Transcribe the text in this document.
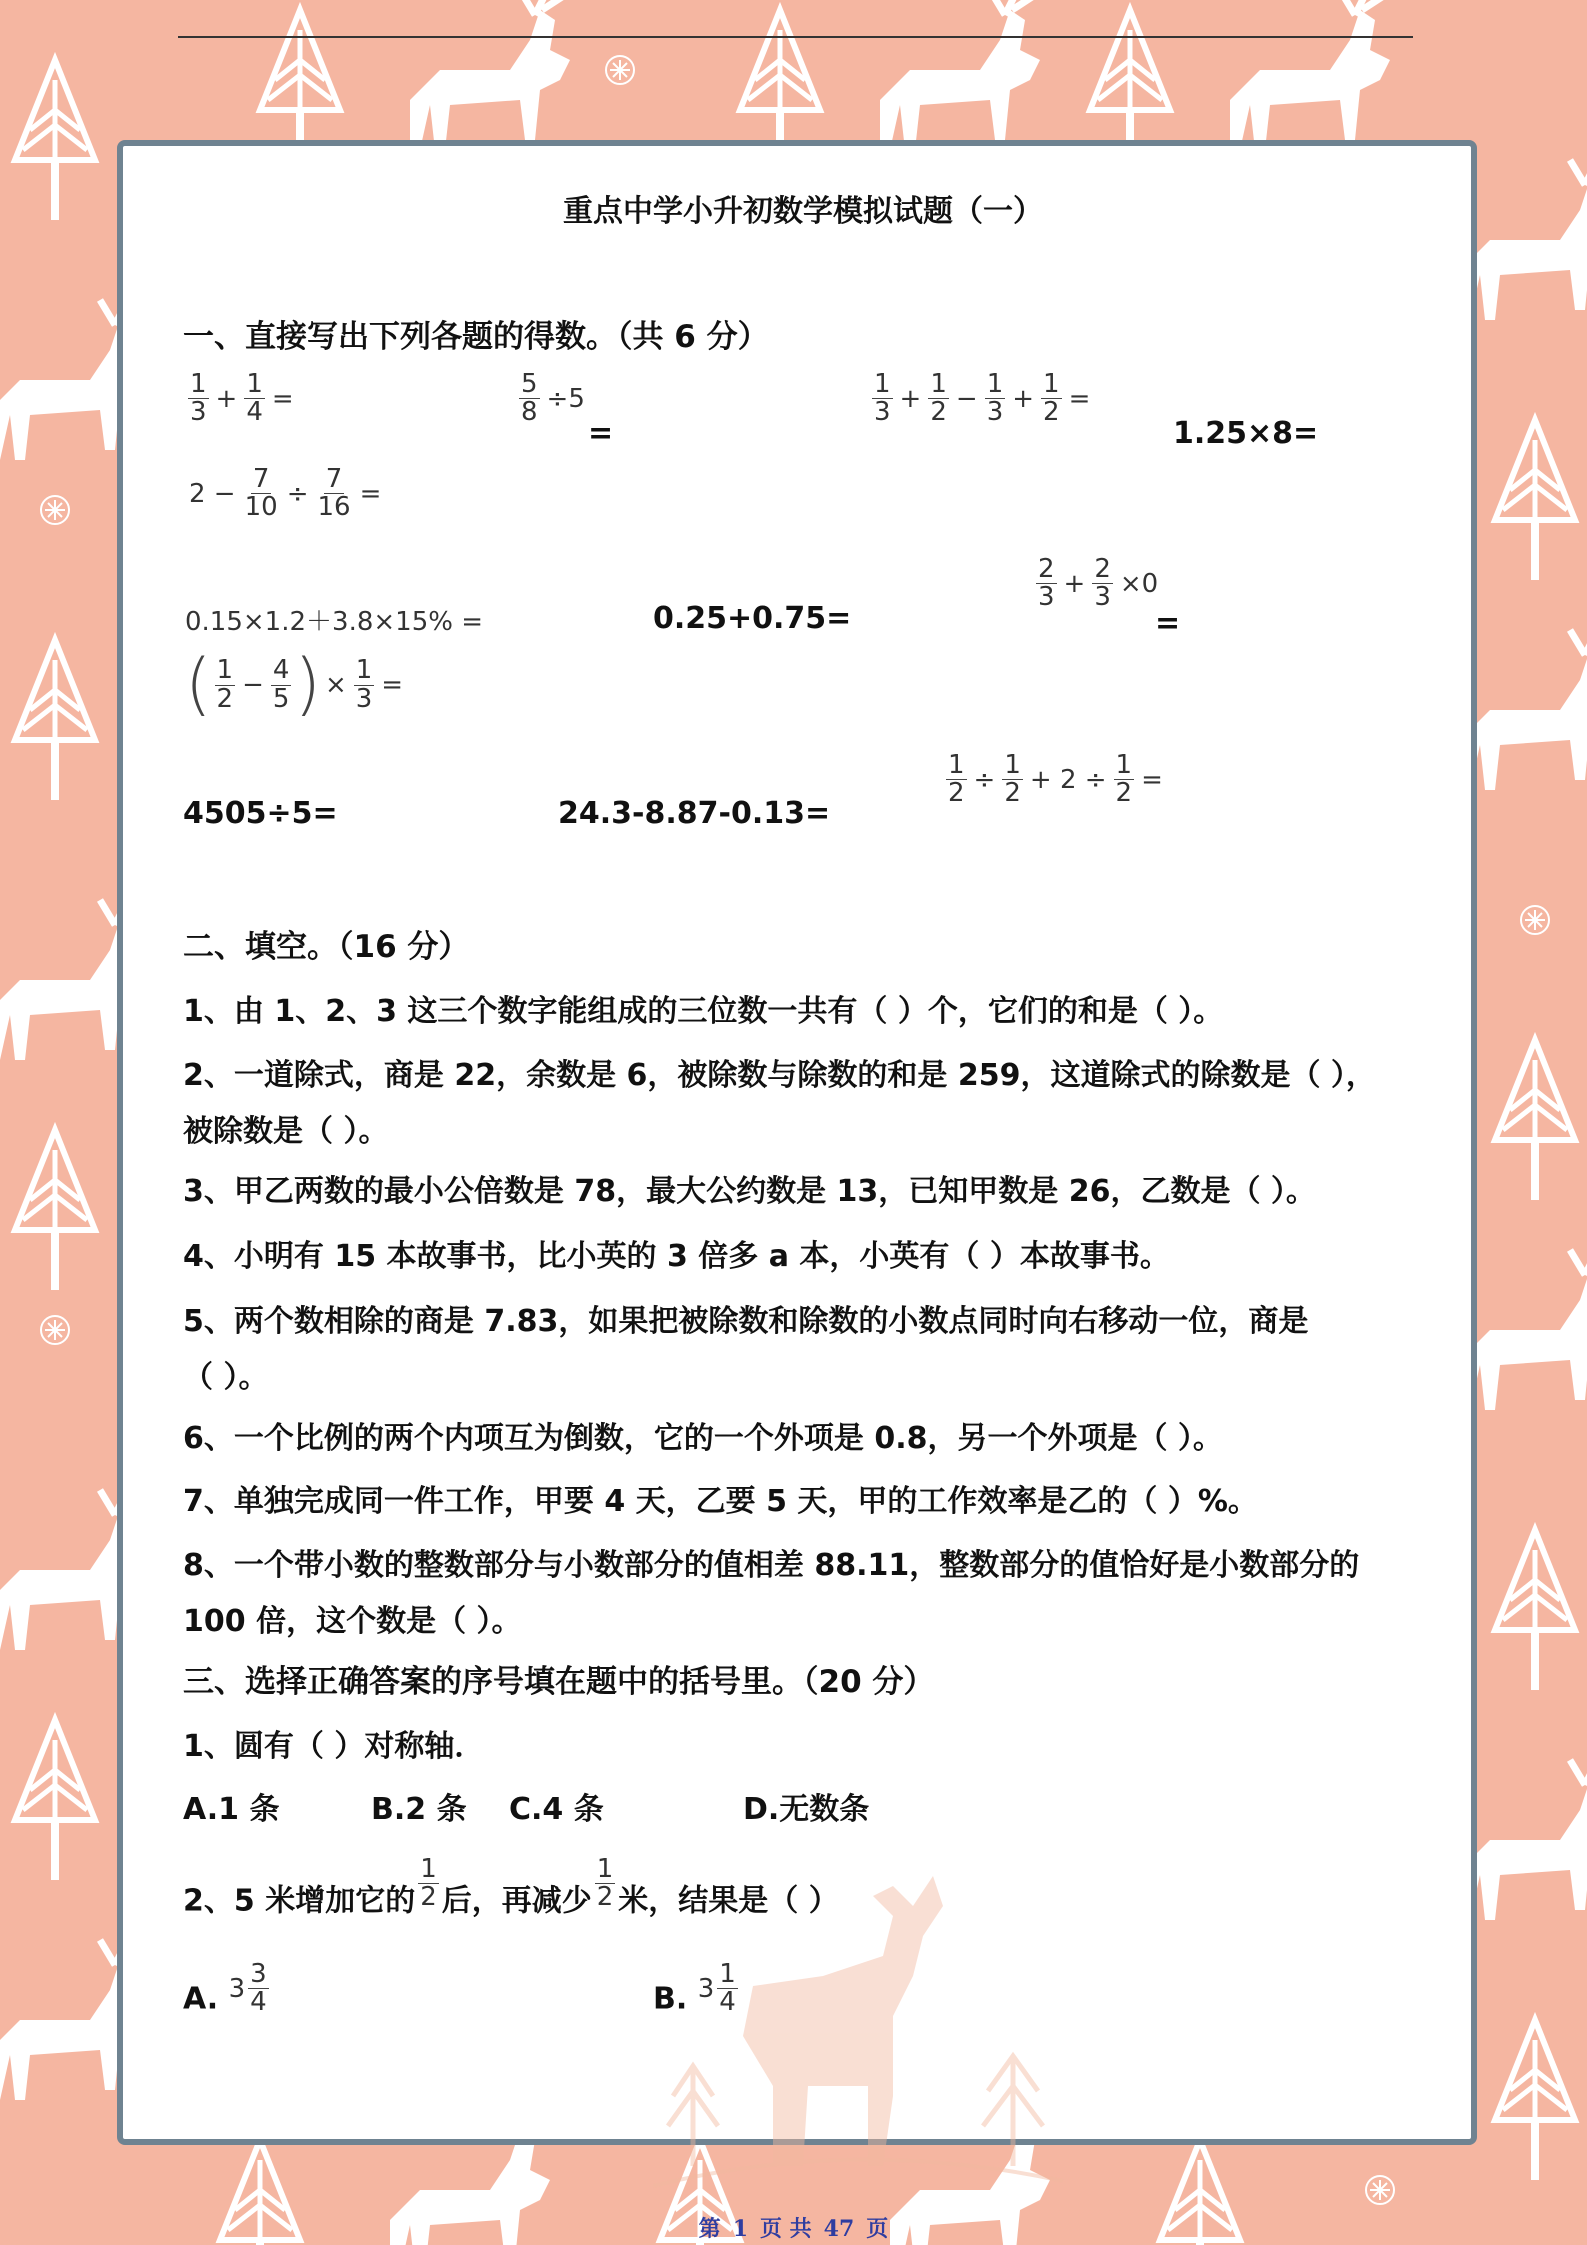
重点中学小升初数学模拟试题（一）
一、直接写出下列各题的得数。（共 6 分）
$\frac{1}{3} + \frac{1}{4}$ =	$\frac{5}{8} \div 5$
=
$\frac{1}{3} + \frac{1}{2} - \frac{1}{3} + \frac{1}{2}$ =
1.25×8=
$2 - \frac{7}{10} \div \frac{7}{16}$ =
0.15×1.2＋3.8×15% =	0.25+0.75=
$\frac{2}{3} + \frac{2}{3} \times 0$
=
( $\frac{1}{2} - \frac{4}{5}$ ) × $\frac{1}{3}$ =
4505÷5=	24.3-8.87-0.13=
$\frac{1}{2} \div \frac{1}{2} + 2 \div \frac{1}{2}$ =
二、填空。（16 分）
1、由 1、2、3 这三个数字能组成的三位数一共有（ ）个，它们的和是（ ）。
2、一道除式，商是 22，余数是 6，被除数与除数的和是 259，这道除式的除数是（ ），
被除数是（ ）。
3、甲乙两数的最小公倍数是 78，最大公约数是 13，已知甲数是 26，乙数是（ ）。
4、小明有 15 本故事书，比小英的 3 倍多 a 本，小英有（ ）本故事书。
5、两个数相除的商是 7.83，如果把被除数和除数的小数点同时向右移动一位，商是
（ ）。
6、一个比例的两个内项互为倒数，它的一个外项是 0.8，另一个外项是（ ）。
7、单独完成同一件工作，甲要 4 天，乙要 5 天，甲的工作效率是乙的（ ）%。
8、一个带小数的整数部分与小数部分的值相差 88.11，整数部分的值恰好是小数部分的
100 倍，这个数是（ ）。
三、选择正确答案的序号填在题中的括号里。（20 分）
1、圆有（ ）对称轴．
A.1 条	B.2 条 C.4 条	D.无数条
2、5 米增加它的 $\frac{1}{2}$ 后，再减少 $\frac{1}{2}$ 米，结果是（ ）
A. $3 \frac{3}{4}$	B. $3 \frac{1}{4}$
第 1 页 共 47 页
